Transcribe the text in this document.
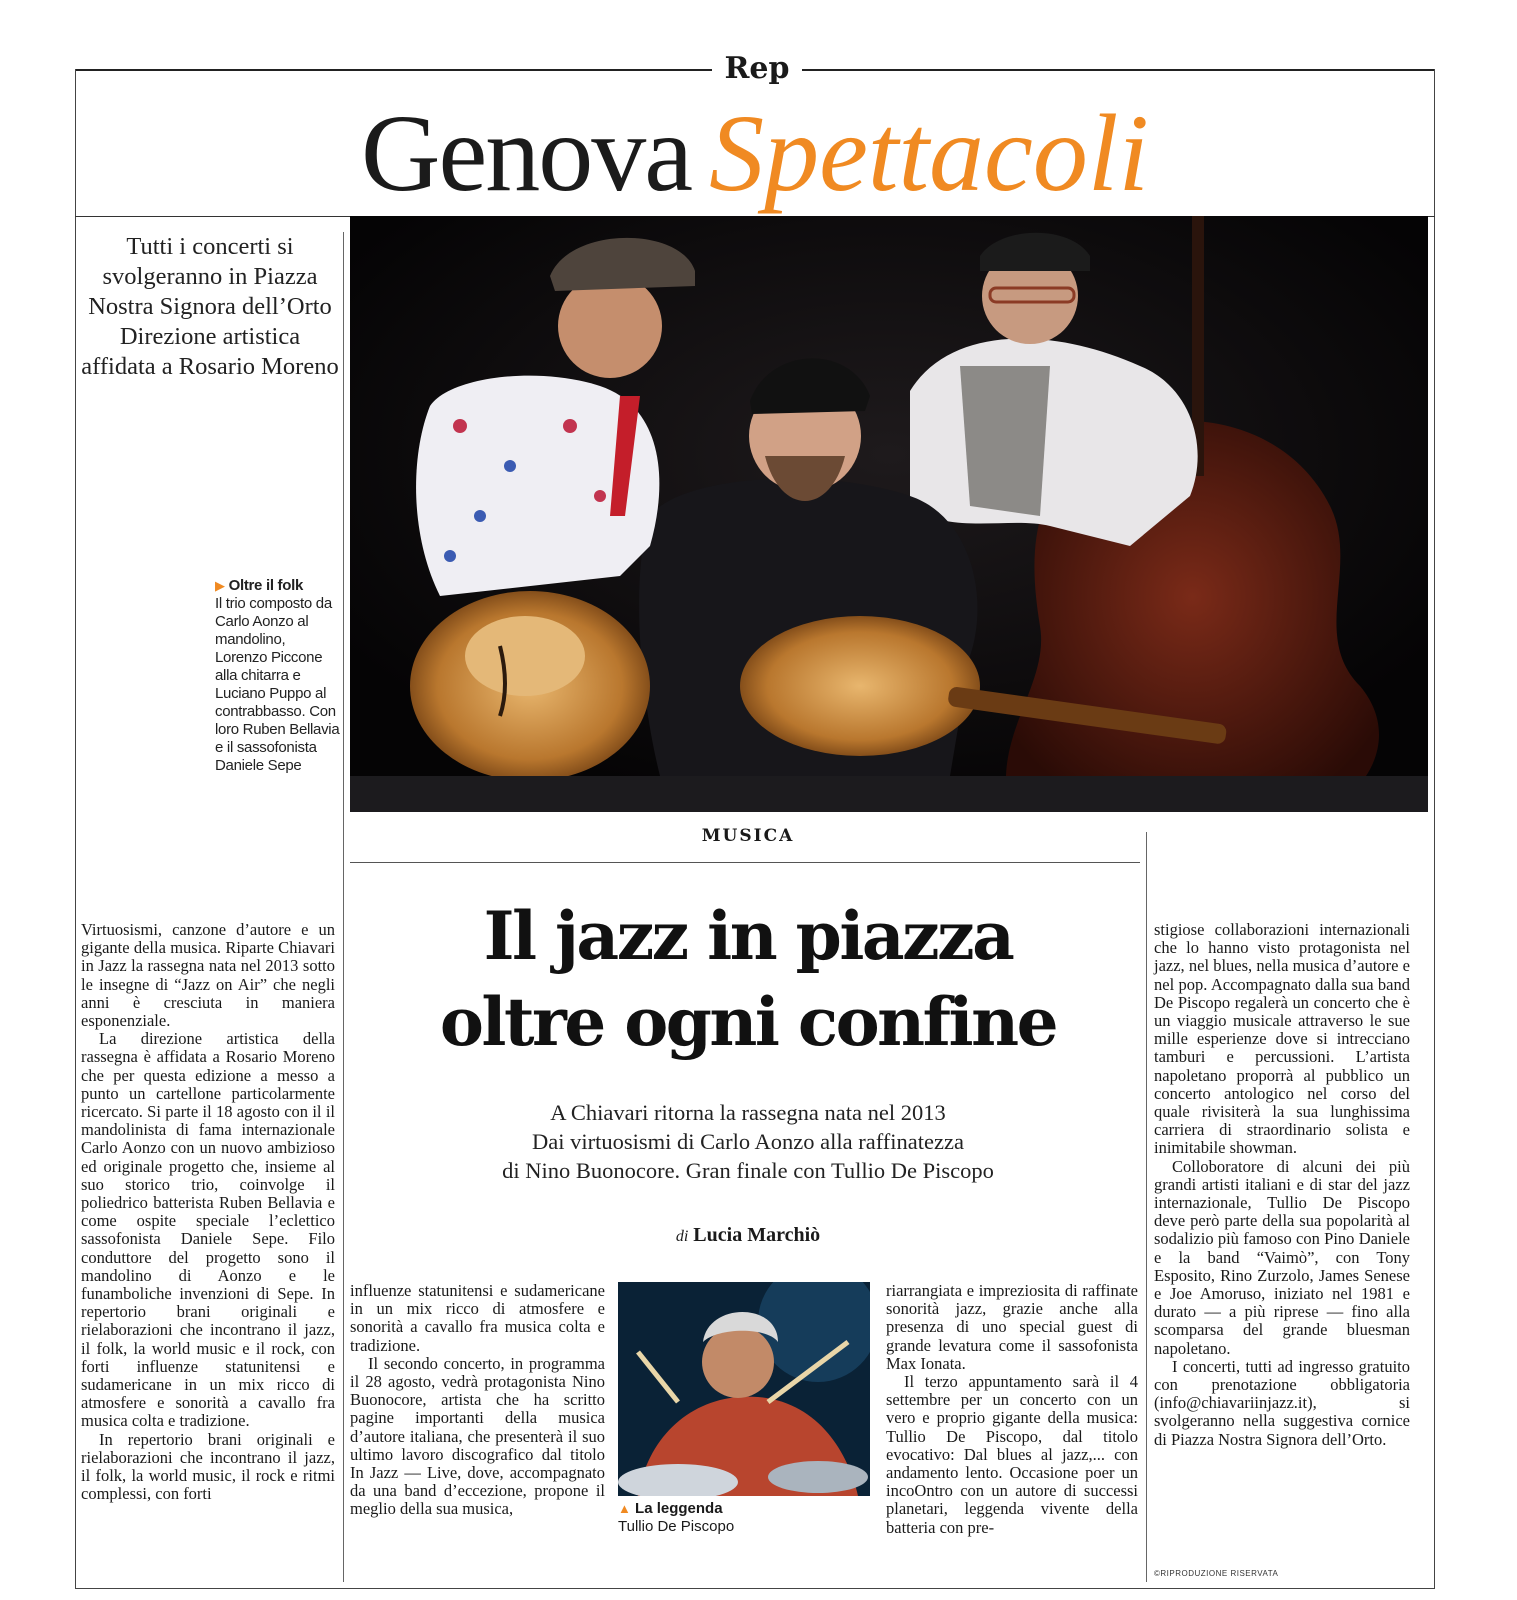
Rep
Genova Spettacoli
Tutti i concerti si svolgeranno in Piazza Nostra Signora dell’Orto Direzione artistica affidata a Rosario Moreno
▶ Oltre il folk
Il trio composto da Carlo Aonzo al mandolino, Lorenzo Piccone alla chitarra e Luciano Puppo al contrabbasso. Con loro Ruben Bellavia e il sassofonista Daniele Sepe
MUSICA
Il jazz in piazza
oltre ogni confine
A Chiavari ritorna la rassegna nata nel 2013
Dai virtuosismi di Carlo Aonzo alla raffinatezza
di Nino Buonocore. Gran finale con Tullio De Piscopo
di Lucia Marchiò

Virtuosismi, canzone d’autore e un gigante della musica. Riparte Chiavari in Jazz la rassegna nata nel 2013 sotto le insegne di “Jazz on Air” che negli anni è cresciuta in maniera esponenziale.

La direzione artistica della rassegna è affidata a Rosario Moreno che per questa edizione a messo a punto un cartellone particolarmente ricercato. Si parte il 18 agosto con il il mandolinista di fama internazionale Carlo Aonzo con un nuovo ambizioso ed originale progetto che, insieme al suo storico trio, coinvolge il poliedrico batterista Ruben Bellavia e come ospite speciale l’eclettico sassofonista Daniele Sepe. Filo conduttore del progetto sono il mandolino di Aonzo e le funamboliche invenzioni di Sepe. In repertorio brani originali e rielaborazioni che incontrano il jazz, il folk, la world music e il rock, con forti influenze statunitensi e sudamericane in un mix ricco di atmosfere e sonorità a cavallo fra musica colta e tradizione.

In repertorio brani originali e rielaborazioni che incontrano il jazz, il folk, la world music, il rock e ritmi complessi, con forti

influenze statunitensi e sudamericane in un mix ricco di atmosfere e sonorità a cavallo fra musica colta e tradizione.

Il secondo concerto, in programma il 28 agosto, vedrà protagonista Nino Buonocore, artista che ha scritto pagine importanti della musica d’autore italiana, che presenterà il suo ultimo lavoro discografico dal titolo In Jazz — Live, dove, accompagnato da una band d’eccezione, propone il meglio della sua musica,	▲ La leggenda
Tullio De Piscopo

riarrangiata e impreziosita di raffinate sonorità jazz, grazie anche alla presenza di uno special guest di grande levatura come il sassofonista Max Ionata.

Il terzo appuntamento sarà il 4 settembre per un concerto con un vero e proprio gigante della musica: Tullio De Piscopo, dal titolo evocativo: Dal blues al jazz,... con andamento lento. Occasione poer un incoOntro con un autore di successi planetari, leggenda vivente della batteria con pre-

stigiose collaborazioni internazionali che lo hanno visto protagonista nel jazz, nel blues, nella musica d’autore e nel pop. Accompagnato dalla sua band De Piscopo regalerà un concerto che è un viaggio musicale attraverso le sue mille esperienze dove si intrecciano tamburi e percussioni. L’artista napoletano proporrà al pubblico un concerto antologico nel corso del quale rivisiterà la sua lunghissima carriera di straordinario solista e inimitabile showman.

Colloboratore di alcuni dei più grandi artisti italiani e di star del jazz internazionale, Tullio De Piscopo deve però parte della sua popolarità al sodalizio più famoso con Pino Daniele e la band “Vaimò”, con Tony Esposito, Rino Zurzolo, James Senese e Joe Amoruso, iniziato nel 1981 e durato — a più riprese — fino alla scomparsa del grande bluesman napoletano.

I concerti, tutti ad ingresso gratuito con prenotazione obbligatoria (info@chiavariinjazz.it), si svolgeranno nella suggestiva cornice di Piazza Nostra Signora dell’Orto.

©RIPRODUZIONE RISERVATA
